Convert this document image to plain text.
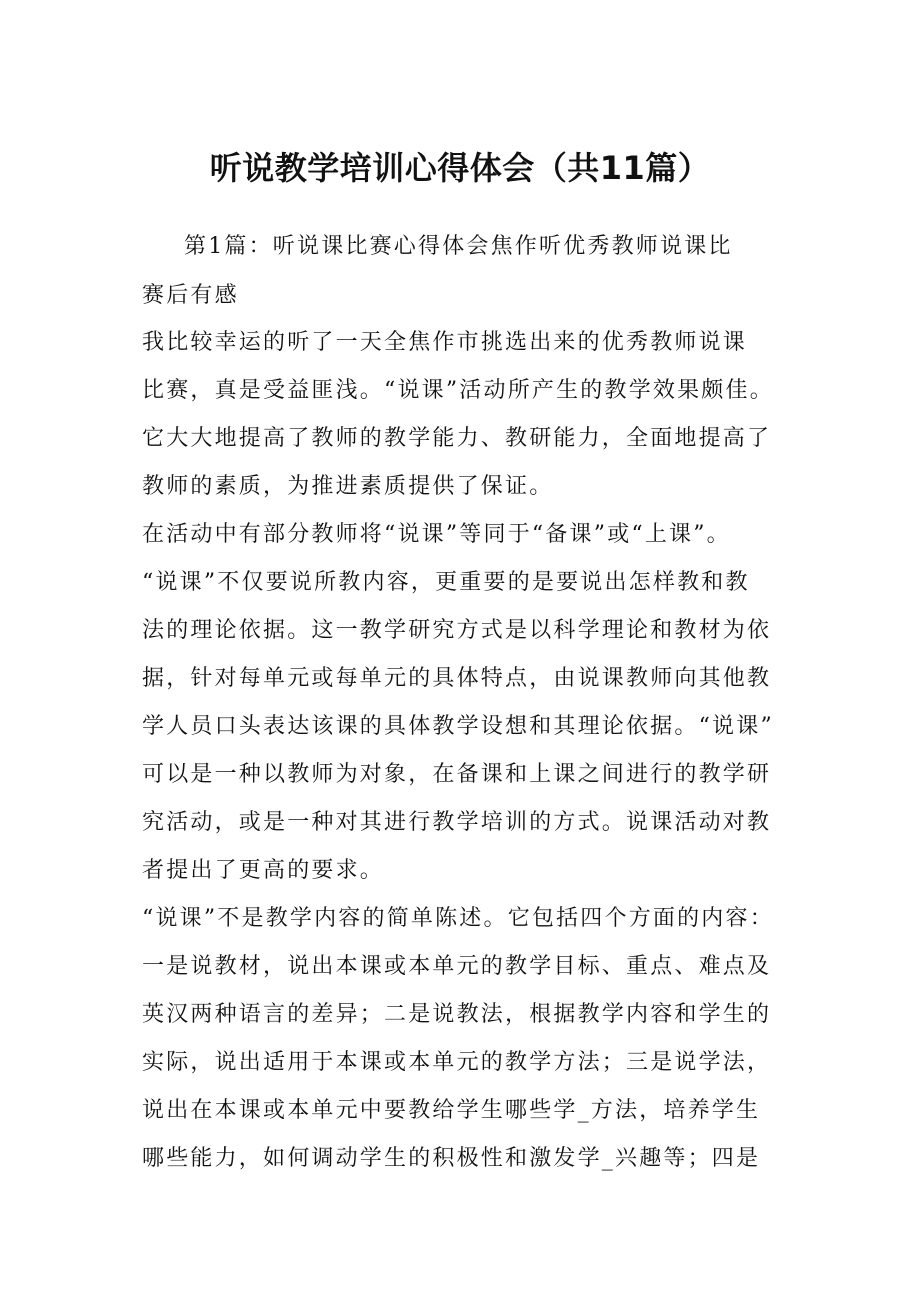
听说教学培训心得体会（共11篇）
第1篇：听说课比赛心得体会焦作听优秀教师说课比
赛后有感
我比较幸运的听了一天全焦作市挑选出来的优秀教师说课
比赛，真是受益匪浅。“说课”活动所产生的教学效果颇佳。
它大大地提高了教师的教学能力、教研能力，全面地提高了
教师的素质，为推进素质提供了保证。
在活动中有部分教师将“说课”等同于“备课”或“上课”。
“说课”不仅要说所教内容，更重要的是要说出怎样教和教
法的理论依据。这一教学研究方式是以科学理论和教材为依
据，针对每单元或每单元的具体特点，由说课教师向其他教
学人员口头表达该课的具体教学设想和其理论依据。“说课”
可以是一种以教师为对象，在备课和上课之间进行的教学研
究活动，或是一种对其进行教学培训的方式。说课活动对教
者提出了更高的要求。
“说课”不是教学内容的简单陈述。它包括四个方面的内容：
一是说教材，说出本课或本单元的教学目标、重点、难点及
英汉两种语言的差异；二是说教法，根据教学内容和学生的
实际，说出适用于本课或本单元的教学方法；三是说学法，
说出在本课或本单元中要教给学生哪些学_方法，培养学生
哪些能力，如何调动学生的积极性和激发学_兴趣等；四是
